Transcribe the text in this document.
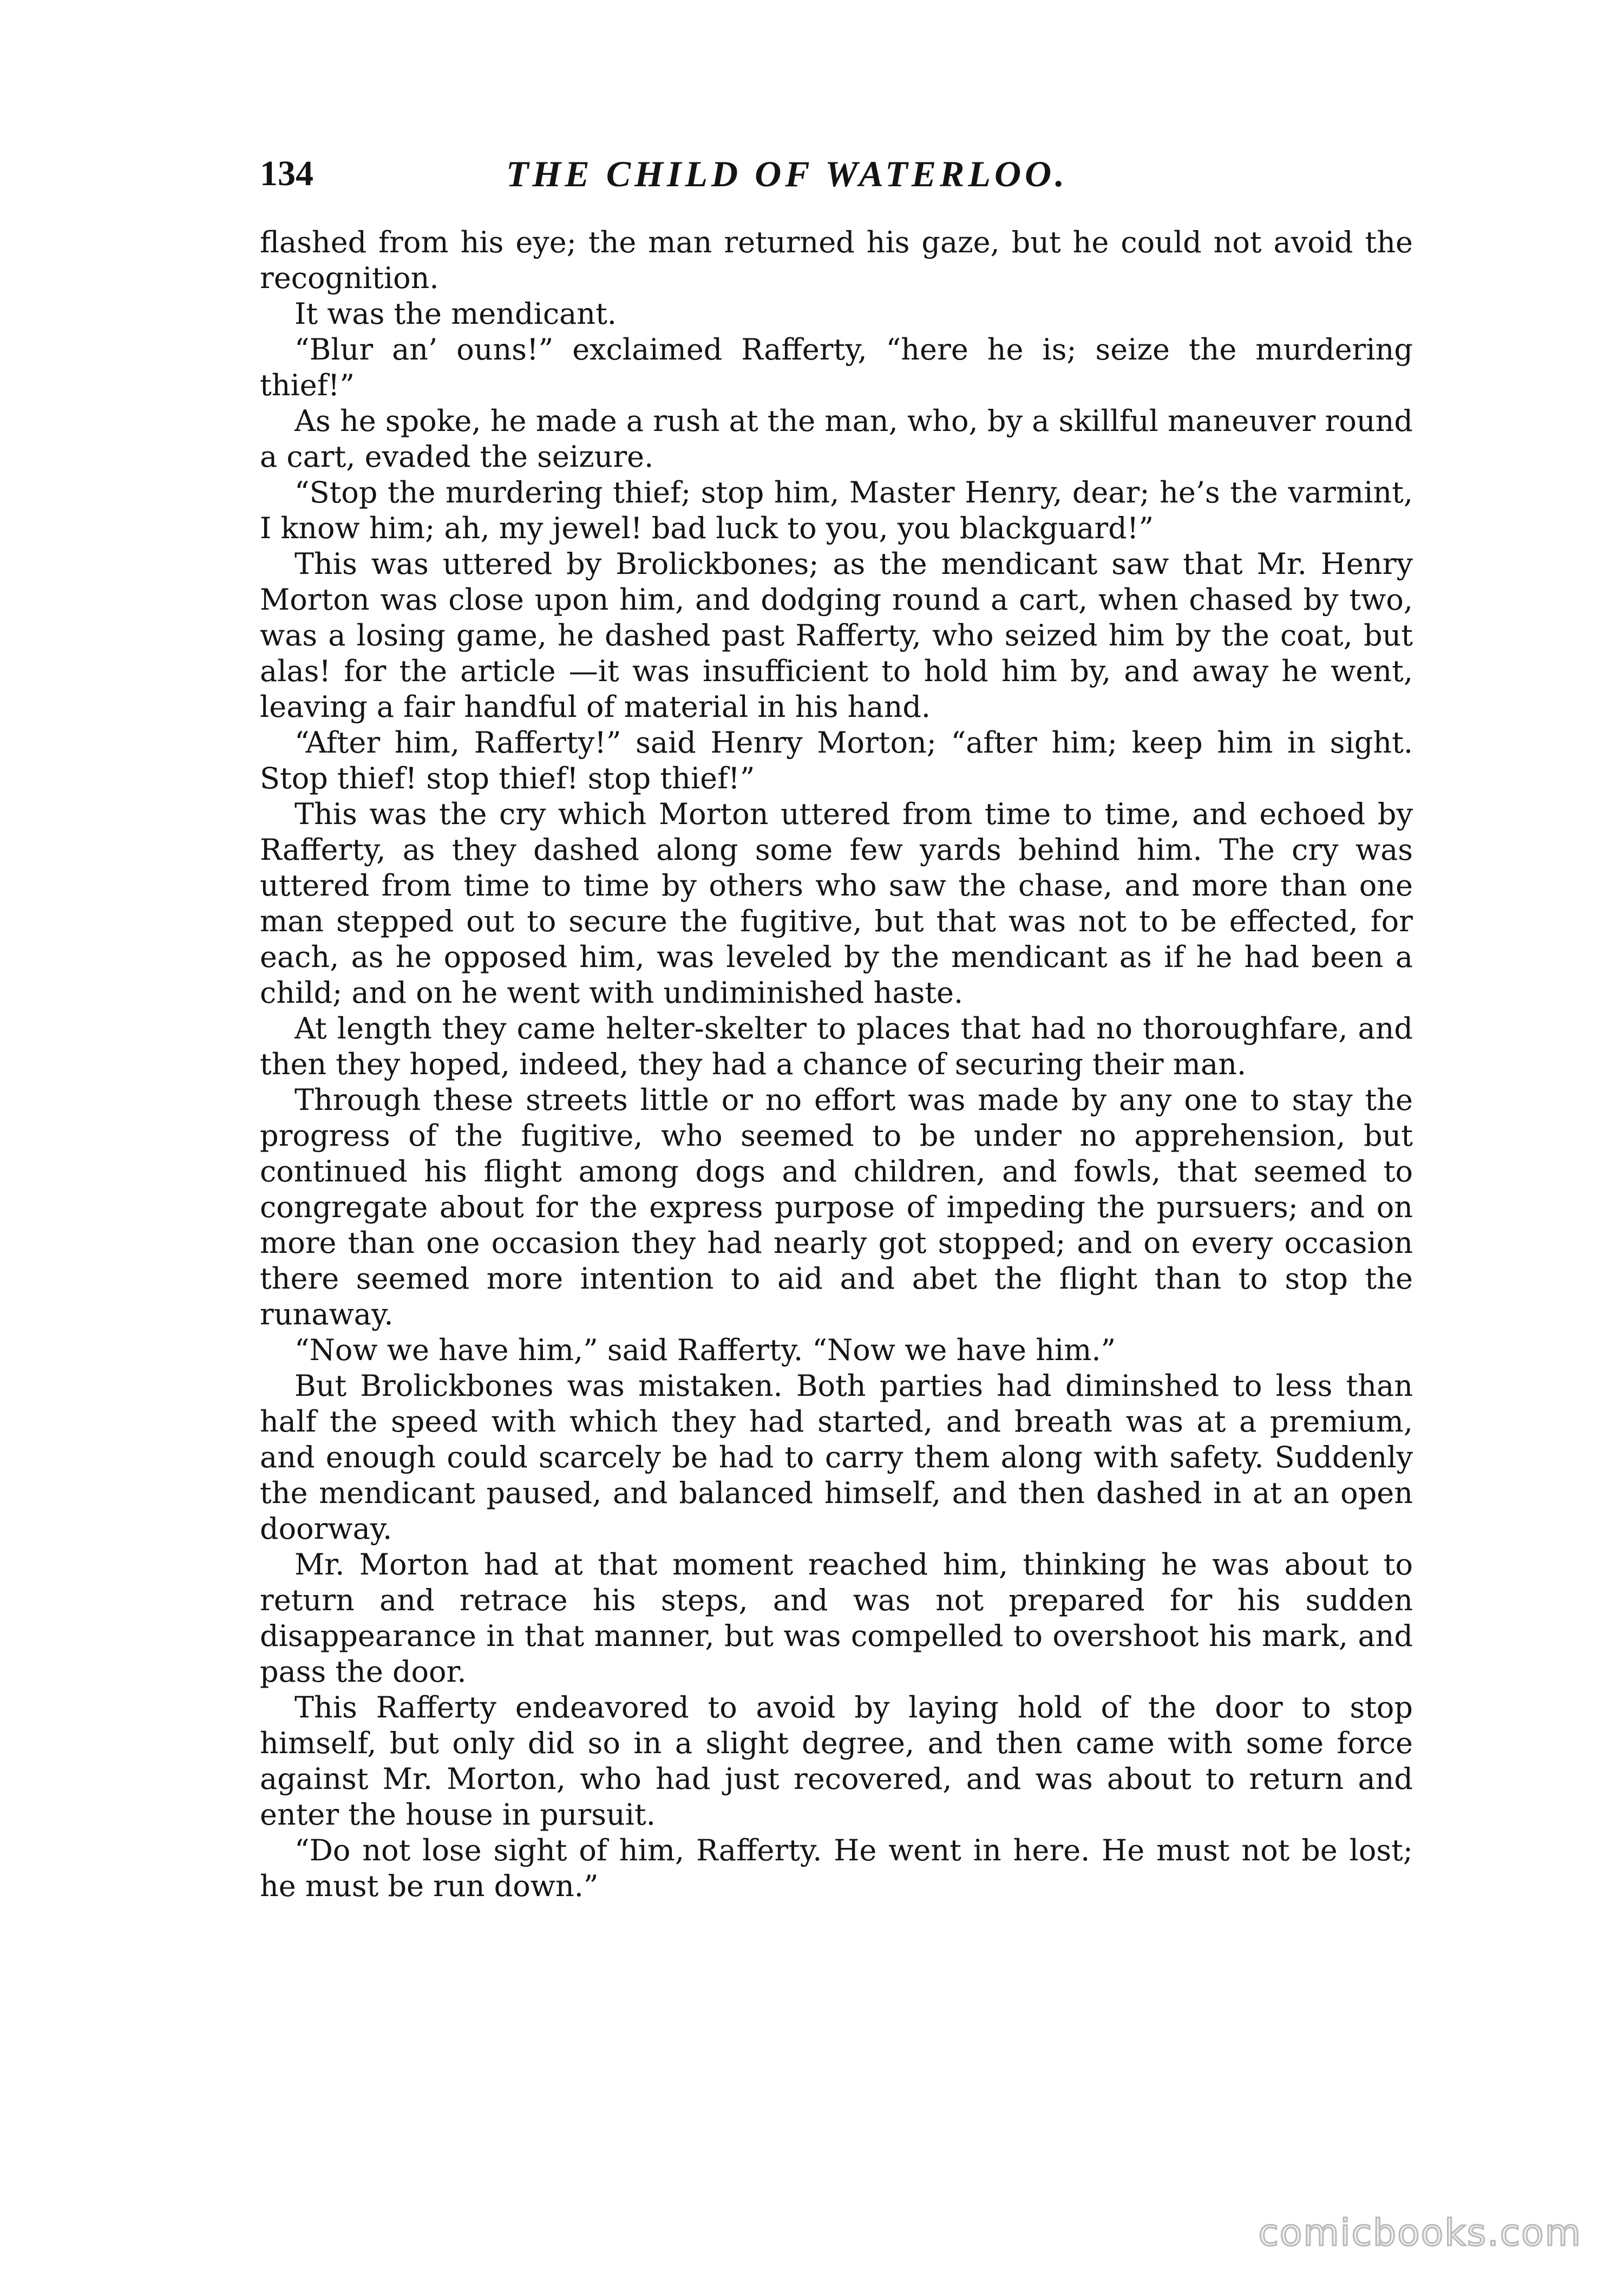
134	THE CHILD OF WATERLOO.

flashed from his eye; the man returned his gaze, but he could not avoid the recognition.

It was the mendicant.

“Blur an’ ouns!” exclaimed Rafferty, “here he is; seize the murdering thief!”

As he spoke, he made a rush at the man, who, by a skillful maneuver round a cart, evaded the seizure.

“Stop the murdering thief; stop him, Master Henry, dear; he’s the varmint, I know him; ah, my jewel! bad luck to you, you blackguard!”

This was uttered by Brolickbones; as the mendicant saw that Mr. Henry Morton was close upon him, and dodging round a cart, when chased by two, was a losing game, he dashed past Rafferty, who seized him by the coat, but alas! for the article —it was insufficient to hold him by, and away he went, leaving a fair handful of material in his hand.

“After him, Rafferty!” said Henry Morton; “after him; keep him in sight. Stop thief! stop thief! stop thief!”

This was the cry which Morton uttered from time to time, and echoed by Rafferty, as they dashed along some few yards behind him. The cry was uttered from time to time by others who saw the chase, and more than one man stepped out to secure the fugitive, but that was not to be effected, for each, as he opposed him, was leveled by the mendicant as if he had been a child; and on he went with undiminished haste.

At length they came helter-skelter to places that had no thoroughfare, and then they hoped, indeed, they had a chance of securing their man.

Through these streets little or no effort was made by any one to stay the progress of the fugitive, who seemed to be under no apprehension, but continued his flight among dogs and children, and fowls, that seemed to congregate about for the express purpose of impeding the pursuers; and on more than one occasion they had nearly got stopped; and on every occasion there seemed more intention to aid and abet the flight than to stop the runaway.

“Now we have him,” said Rafferty. “Now we have him.”

But Brolickbones was mistaken. Both parties had diminshed to less than half the speed with which they had started, and breath was at a premium, and enough could scarcely be had to carry them along with safety. Suddenly the mendicant paused, and balanced himself, and then dashed in at an open doorway.

Mr. Morton had at that moment reached him, thinking he was about to return and retrace his steps, and was not prepared for his sudden disappearance in that manner, but was compelled to overshoot his mark, and pass the door.

This Rafferty endeavored to avoid by laying hold of the door to stop himself, but only did so in a slight degree, and then came with some force against Mr. Morton, who had just recovered, and was about to return and enter the house in pursuit.

“Do not lose sight of him, Rafferty. He went in here. He must not be lost; he must be run down.”

comicbooks.com
